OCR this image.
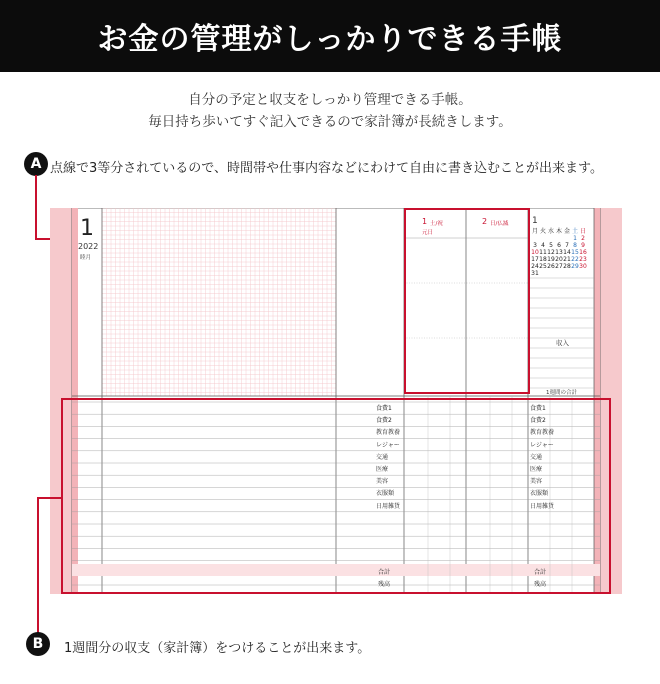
お金の管理がしっかりできる手帳
自分の予定と収支をしっかり管理できる手帳。
毎日持ち歩いてすぐ記入できるので家計簿が長続きします。
A 点線で3等分されているので、時間帯や仕事内容などにわけて自由に書き込むことが出来ます。
1
2022
睦月
1 土/祝
元日
2 日/仏滅	1
月 火 水 木 金 土 日
1 2
3 4 5 6 7 8 9
10 11 12 13 14 15 16
17 18 19 20 21 22 23
24 25 26 27 28 29 30
31
収入
1週間の合計
食費1
食費2
教育教養
レジャー
交通
医療
美容
衣服類
日用雑貨
食費1
食費2
教育教養
レジャー
交通
医療
美容
衣服類
日用雑貨
合計
残高
合計
残高
B	1週間分の収支（家計簿）をつけることが出来ます。
